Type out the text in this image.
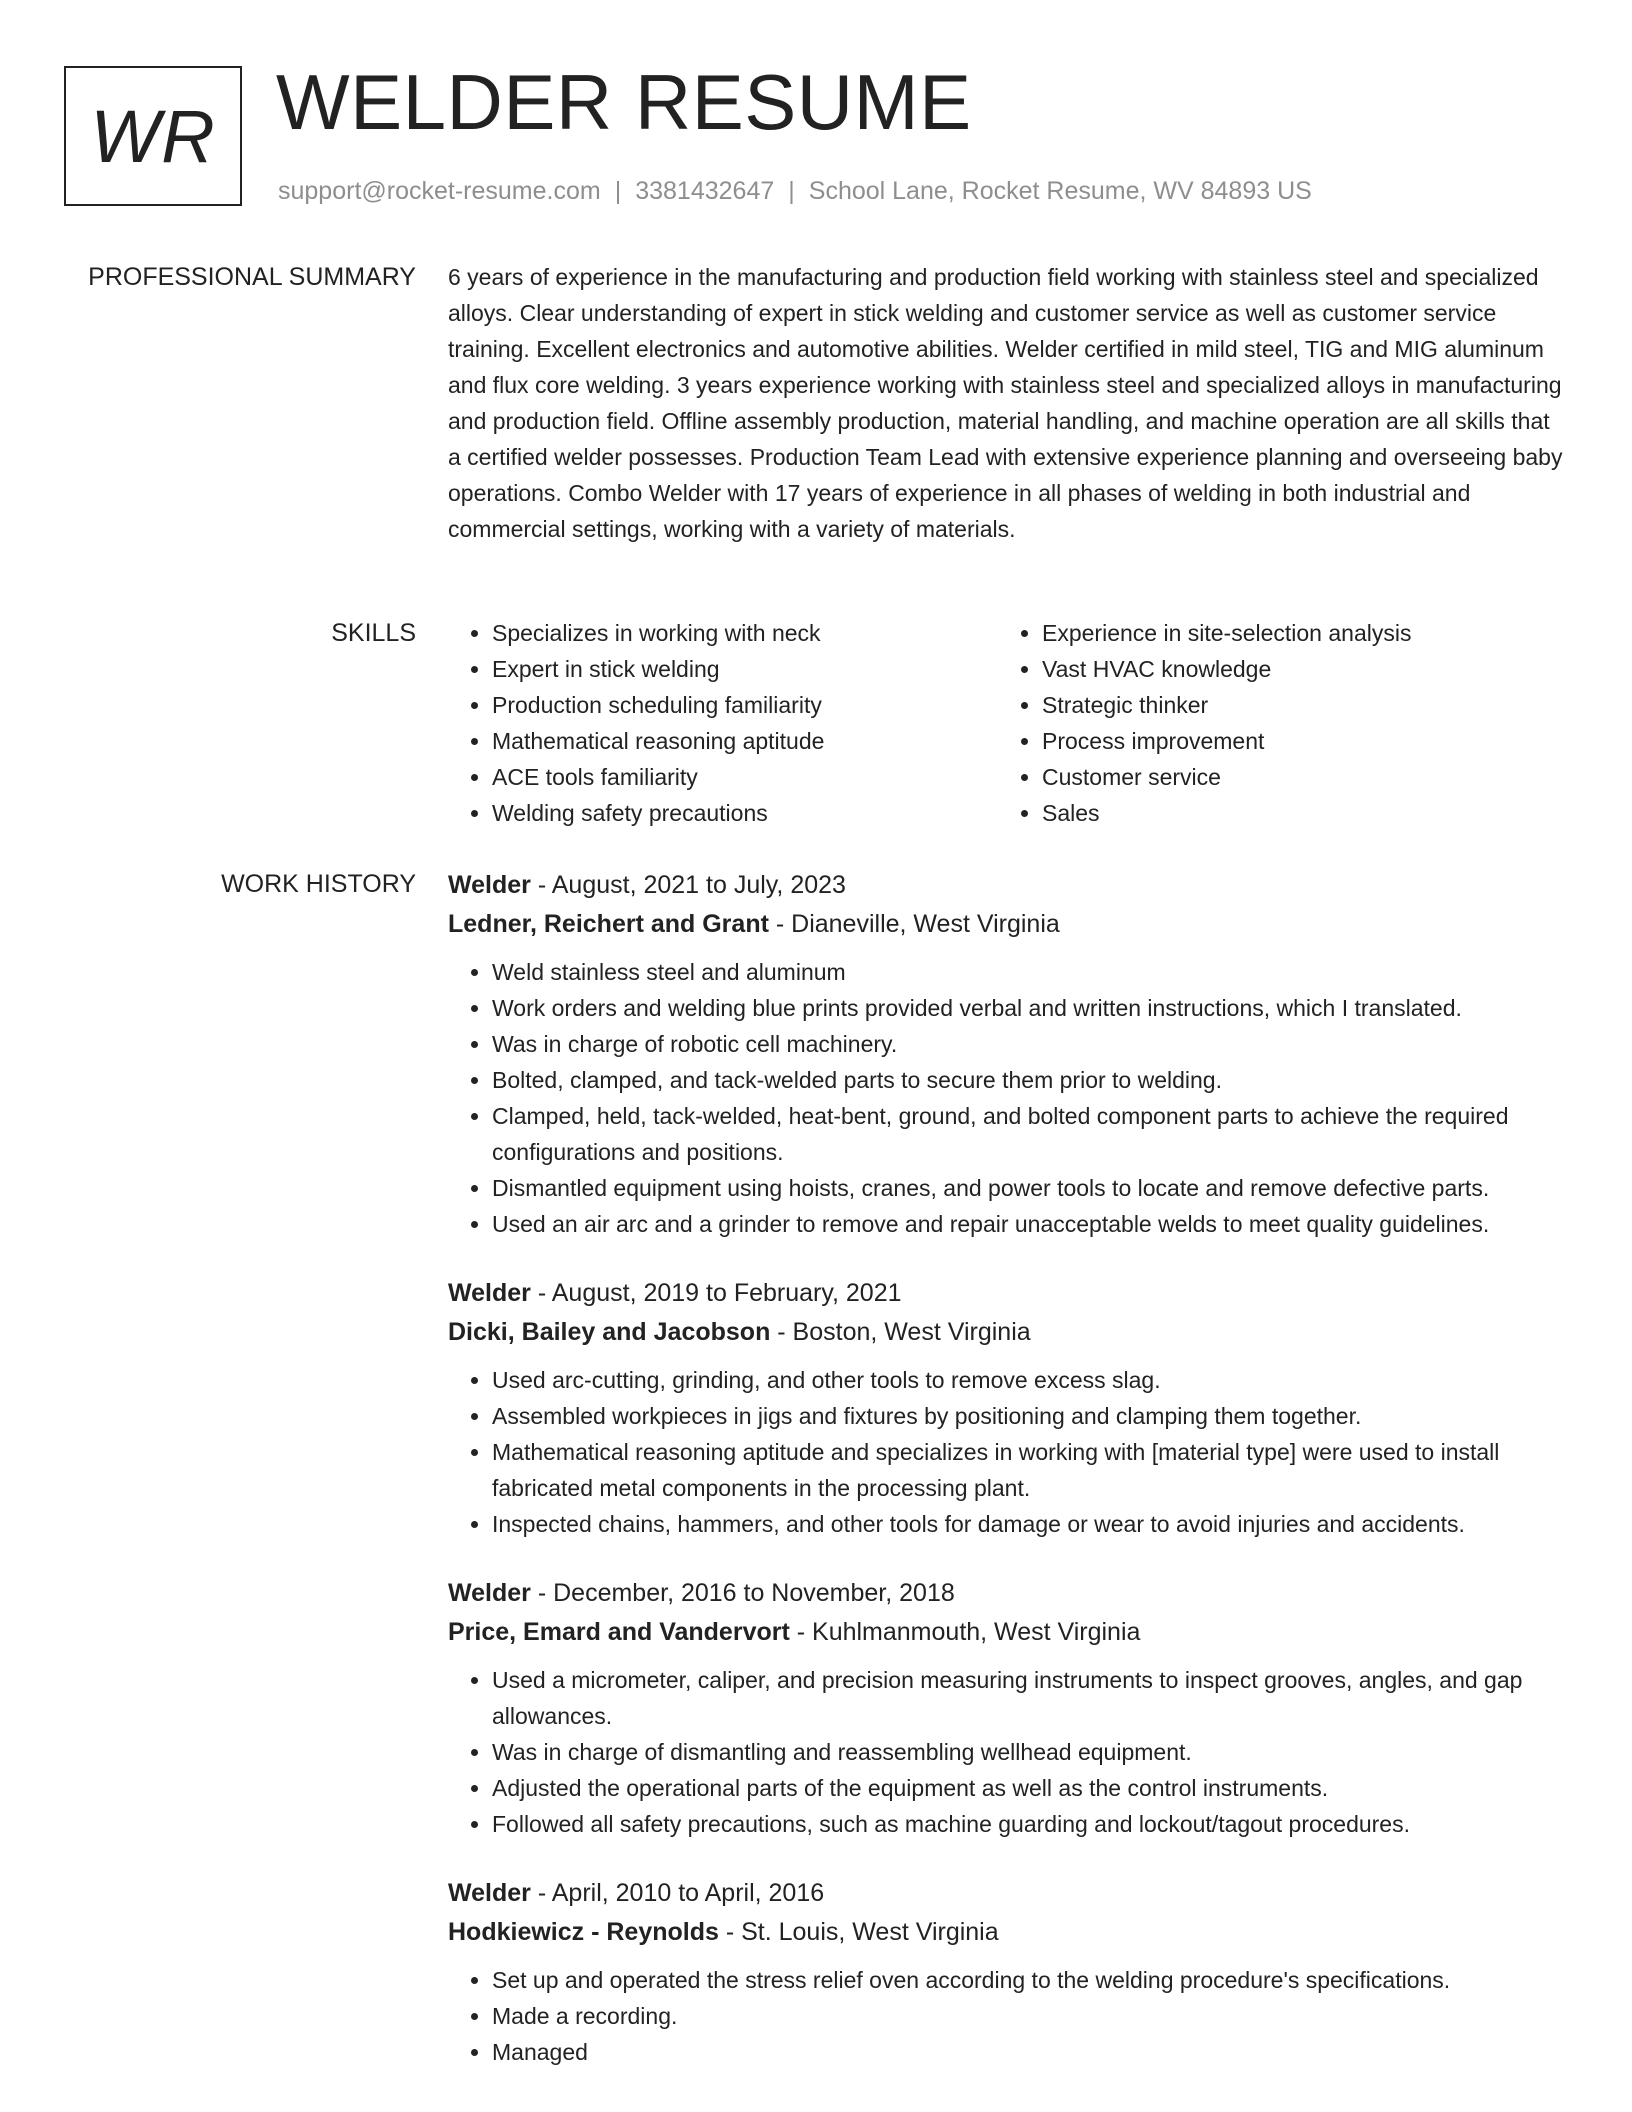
WR WELDER RESUME
support@rocket-resume.com | 3381432647 | School Lane, Rocket Resume, WV 84893 US
PROFESSIONAL SUMMARY 6 years of experience in the manufacturing and production field working with stainless steel and specialized alloys. Clear understanding of expert in stick welding and customer service as well as customer service training. Excellent electronics and automotive abilities. Welder certified in mild steel, TIG and MIG aluminum and flux core welding. 3 years experience working with stainless steel and specialized alloys in manufacturing and production field. Offline assembly production, material handling, and machine operation are all skills that a certified welder possesses. Production Team Lead with extensive experience planning and overseeing baby operations. Combo Welder with 17 years of experience in all phases of welding in both industrial and commercial settings, working with a variety of materials.

SKILLS
•	Specializes in working with neck
• Expert in stick welding
• Production scheduling familiarity
• Mathematical reasoning aptitude
• ACE tools familiarity
• Welding safety precautions
• Experience in site-selection analysis
• Vast HVAC knowledge
• Strategic thinker
• Process improvement
• Customer service
• Sales
WORK HISTORY Welder - August, 2021 to July, 2023
Ledner, Reichert and Grant - Dianeville, West Virginia
• Weld stainless steel and aluminum
• Work orders and welding blue prints provided verbal and written instructions, which I translated.
• Was in charge of robotic cell machinery.
• Bolted, clamped, and tack-welded parts to secure them prior to welding.
• Clamped, held, tack-welded, heat-bent, ground, and bolted component parts to achieve the required configurations and positions.
• Dismantled equipment using hoists, cranes, and power tools to locate and remove defective parts.
• Used an air arc and a grinder to remove and repair unacceptable welds to meet quality guidelines.
Welder - August, 2019 to February, 2021
Dicki, Bailey and Jacobson - Boston, West Virginia
• Used arc-cutting, grinding, and other tools to remove excess slag.
• Assembled workpieces in jigs and fixtures by positioning and clamping them together.
• Mathematical reasoning aptitude and specializes in working with [material type] were used to install fabricated metal components in the processing plant.
• Inspected chains, hammers, and other tools for damage or wear to avoid injuries and accidents.
Welder - December, 2016 to November, 2018
Price, Emard and Vandervort - Kuhlmanmouth, West Virginia
• Used a micrometer, caliper, and precision measuring instruments to inspect grooves, angles, and gap allowances.
• Was in charge of dismantling and reassembling wellhead equipment.
• Adjusted the operational parts of the equipment as well as the control instruments.
• Followed all safety precautions, such as machine guarding and lockout/tagout procedures.
Welder - April, 2010 to April, 2016
Hodkiewicz - Reynolds - St. Louis, West Virginia
• Set up and operated the stress relief oven according to the welding procedure's specifications.
• Made a recording.
• Managed
